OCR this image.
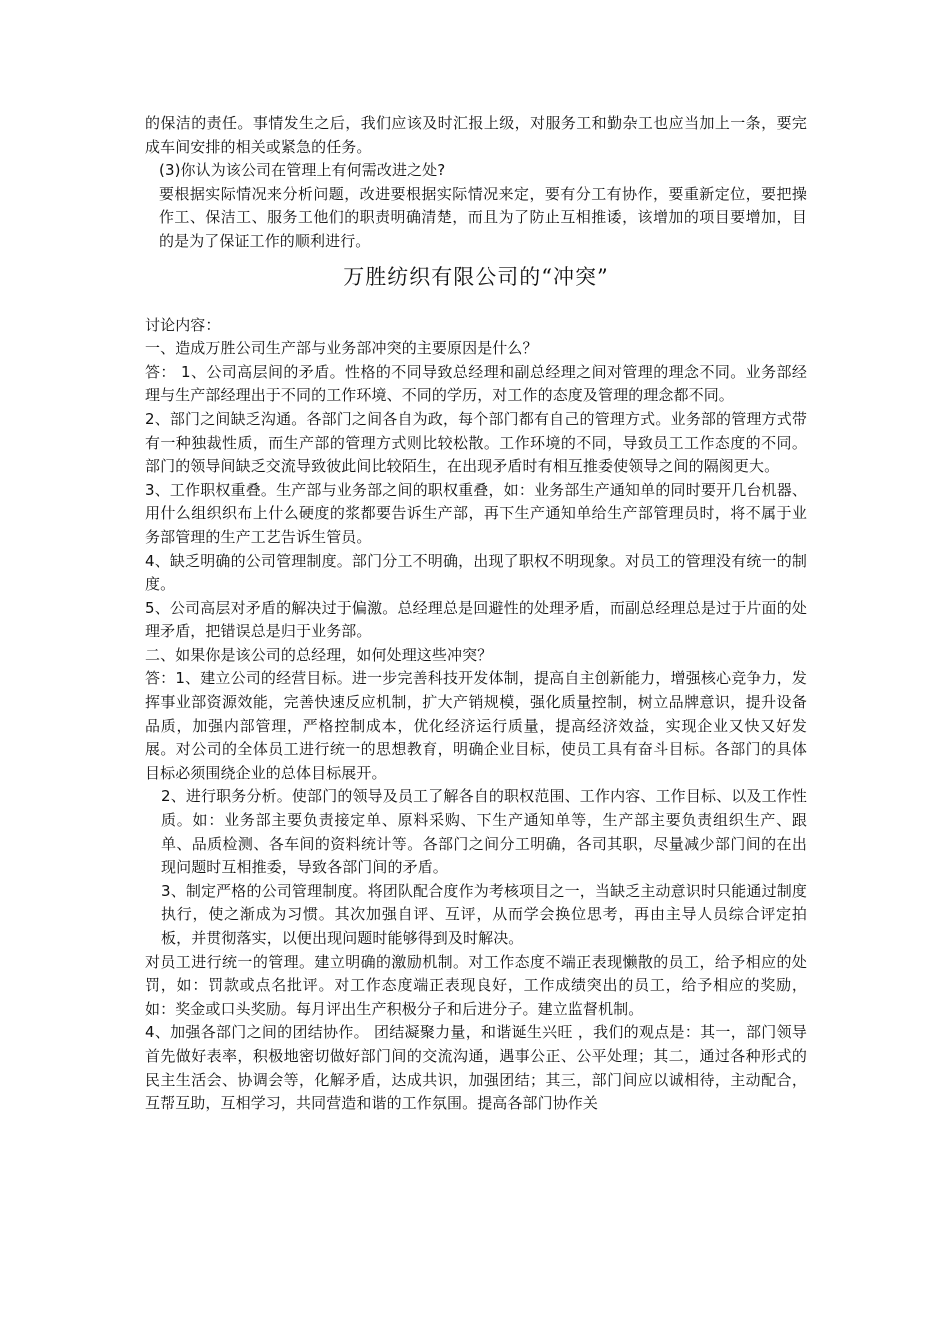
的保洁的责任。事情发生之后，我们应该及时汇报上级，对服务工和勤杂工也应当加上一条，要完成车间安排的相关或紧急的任务。

(3)你认为该公司在管理上有何需改进之处?

要根据实际情况来分析问题，改进要根据实际情况来定，要有分工有协作，要重新定位，要把操作工、保洁工、服务工他们的职责明确清楚，而且为了防止互相推诿，该增加的项目要增加，目的是为了保证工作的顺利进行。

万胜纺织有限公司的“冲突”

讨论内容：

一、造成万胜公司生产部与业务部冲突的主要原因是什么？

答： 1、公司高层间的矛盾。性格的不同导致总经理和副总经理之间对管理的理念不同。业务部经理与生产部经理出于不同的工作环境、不同的学历，对工作的态度及管理的理念都不同。

2、部门之间缺乏沟通。各部门之间各自为政，每个部门都有自己的管理方式。业务部的管理方式带有一种独裁性质，而生产部的管理方式则比较松散。工作环境的不同，导致员工工作态度的不同。部门的领导间缺乏交流导致彼此间比较陌生，在出现矛盾时有相互推委使领导之间的隔阂更大。

3、工作职权重叠。生产部与业务部之间的职权重叠，如：业务部生产通知单的同时要开几台机器、用什么组织织布上什么硬度的浆都要告诉生产部，再下生产通知单给生产部管理员时，将不属于业务部管理的生产工艺告诉生管员。

4、缺乏明确的公司管理制度。部门分工不明确，出现了职权不明现象。对员工的管理没有统一的制度。

5、公司高层对矛盾的解决过于偏激。总经理总是回避性的处理矛盾，而副总经理总是过于片面的处理矛盾，把错误总是归于业务部。

二、如果你是该公司的总经理，如何处理这些冲突？

答：1、建立公司的经营目标。进一步完善科技开发体制，提高自主创新能力，增强核心竞争力，发挥事业部资源效能，完善快速反应机制，扩大产销规模，强化质量控制，树立品牌意识，提升设备品质，加强内部管理，严格控制成本，优化经济运行质量，提高经济效益，实现企业又快又好发展。对公司的全体员工进行统一的思想教育，明确企业目标，使员工具有奋斗目标。各部门的具体目标必须围绕企业的总体目标展开。

2、进行职务分析。使部门的领导及员工了解各自的职权范围、工作内容、工作目标、以及工作性质。如：业务部主要负责接定单、原料采购、下生产通知单等，生产部主要负责组织生产、跟单、品质检测、各车间的资料统计等。各部门之间分工明确，各司其职，尽量减少部门间的在出现问题时互相推委，导致各部门间的矛盾。

3、制定严格的公司管理制度。将团队配合度作为考核项目之一，当缺乏主动意识时只能通过制度执行，使之渐成为习惯。其次加强自评、互评，从而学会换位思考，再由主导人员综合评定拍板，并贯彻落实，以便出现问题时能够得到及时解决。

对员工进行统一的管理。建立明确的激励机制。对工作态度不端正表现懒散的员工，给予相应的处罚，如：罚款或点名批评。对工作态度端正表现良好，工作成绩突出的员工，给予相应的奖励，如：奖金或口头奖励。每月评出生产积极分子和后进分子。建立监督机制。

4、加强各部门之间的团结协作。 团结凝聚力量，和谐诞生兴旺 ，我们的观点是：其一，部门领导首先做好表率，积极地密切做好部门间的交流沟通，遇事公正、公平处理；其二，通过各种形式的民主生活会、协调会等，化解矛盾，达成共识，加强团结；其三，部门间应以诚相待，主动配合，互帮互助，互相学习，共同营造和谐的工作氛围。提高各部门协作关
